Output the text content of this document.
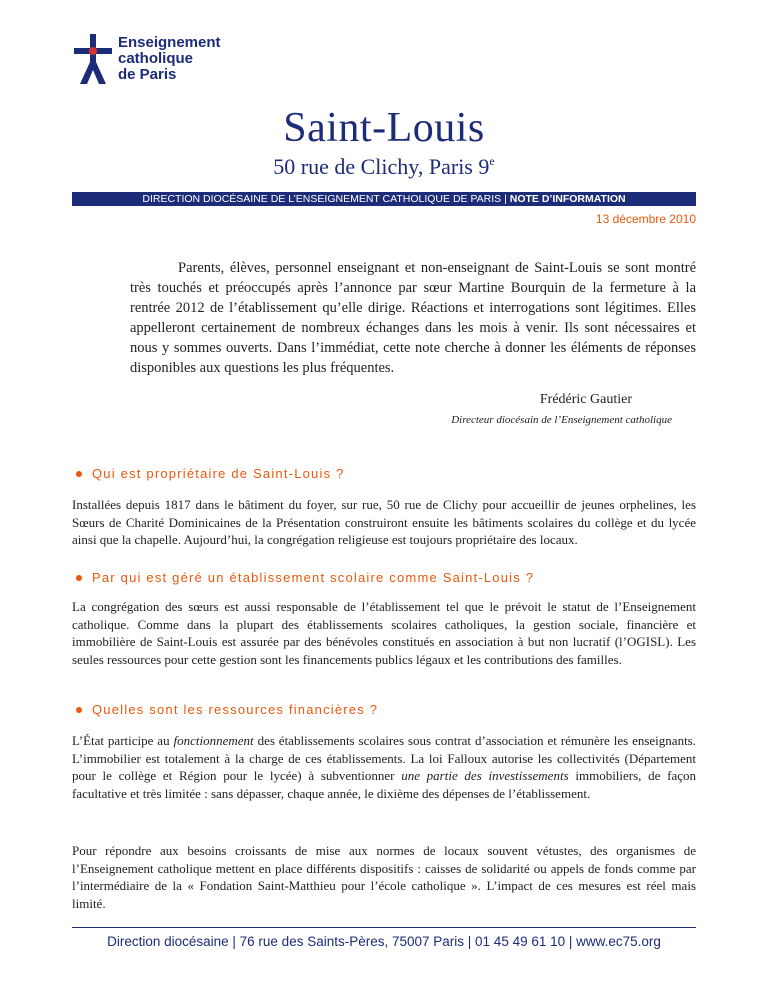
Enseignement
catholique
de Paris
Saint-Louis
50 rue de Clichy, Paris 9e
DIRECTION DIOCÉSAINE DE L’ENSEIGNEMENT CATHOLIQUE DE PARIS | NOTE D’INFORMATION
13 décembre 2010

Parents, élèves, personnel enseignant et non-enseignant de Saint-Louis se sont montré très touchés et préoccupés après l’annonce par sœur Martine Bourquin de la fermeture à la rentrée 2012 de l’établissement qu’elle dirige. Réactions et interrogations sont légitimes. Elles appelleront certainement de nombreux échanges dans les mois à venir. Ils sont nécessaires et nous y sommes ouverts. Dans l’immédiat, cette note cherche à donner les éléments de réponses disponibles aux questions les plus fréquentes.

Frédéric Gautier
Directeur diocésain de l’Enseignement catholique
Qui est propriétaire de Saint-Louis ?

Installées depuis 1817 dans le bâtiment du foyer, sur rue, 50 rue de Clichy pour accueillir de jeunes orphelines, les Sœurs de Charité Dominicaines de la Présentation construiront ensuite les bâtiments scolaires du collège et du lycée ainsi que la chapelle. Aujourd’hui, la congrégation religieuse est toujours propriétaire des locaux.

Par qui est géré un établissement scolaire comme Saint-Louis ?

La congrégation des sœurs est aussi responsable de l’établissement tel que le prévoit le statut de l’Enseignement catholique. Comme dans la plupart des établissements scolaires catholiques, la gestion sociale, financière et immobilière de Saint-Louis est assurée par des bénévoles constitués en association à but non lucratif (l’OGISL). Les seules ressources pour cette gestion sont les financements publics légaux et les contributions des familles.

Quelles sont les ressources financières ?

L’État participe au fonctionnement des établissements scolaires sous contrat d’association et rémunère les enseignants. L’immobilier est totalement à la charge de ces établissements. La loi Falloux autorise les collectivités (Département pour le collège et Région pour le lycée) à subventionner une partie des investissements immobiliers, de façon facultative et très limitée : sans dépasser, chaque année, le dixième des dépenses de l’établissement.

Pour répondre aux besoins croissants de mise aux normes de locaux souvent vétustes, des organismes de l’Enseignement catholique mettent en place différents dispositifs : caisses de solidarité ou appels de fonds comme par l’intermédiaire de la « Fondation Saint-Matthieu pour l’école catholique ». L’impact de ces mesures est réel mais limité.

Direction diocésaine | 76 rue des Saints-Pères, 75007 Paris | 01 45 49 61 10 | www.ec75.org
